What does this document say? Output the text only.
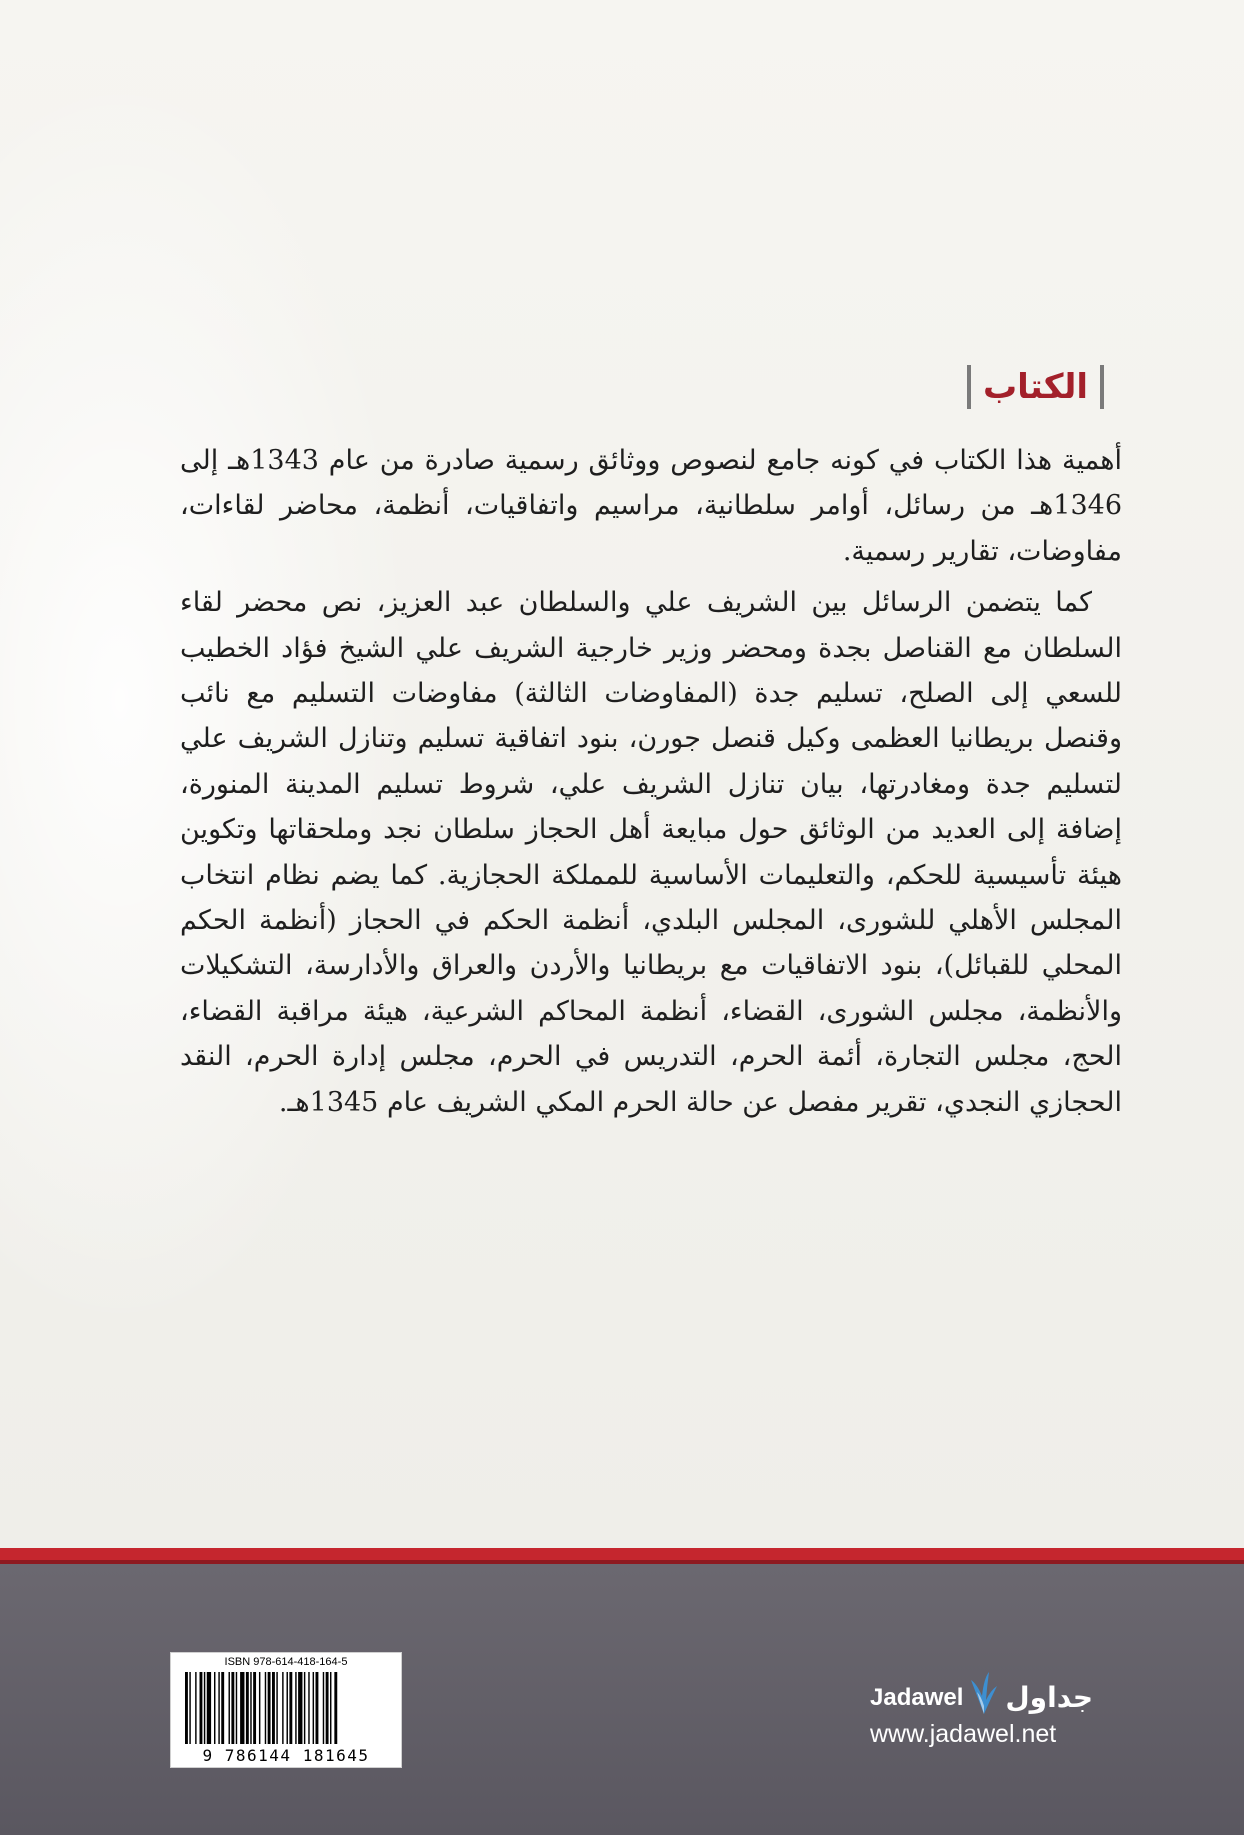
الكتاب

أهمية هذا الكتاب في كونه جامع لنصوص ووثائق رسمية صادرة من عام 1343هـ إلى 1346هـ من رسائل، أوامر سلطانية، مراسيم واتفاقيات، أنظمة، محاضر لقاءات، مفاوضات، تقارير رسمية.

كما يتضمن الرسائل بين الشريف علي والسلطان عبد العزيز، نص محضر لقاء السلطان مع القناصل بجدة ومحضر وزير خارجية الشريف علي الشيخ فؤاد الخطيب للسعي إلى الصلح، تسليم جدة (المفاوضات الثالثة) مفاوضات التسليم مع نائب وقنصل بريطانيا العظمى وكيل قنصل جورن، بنود اتفاقية تسليم وتنازل الشريف علي لتسليم جدة ومغادرتها، بيان تنازل الشريف علي، شروط تسليم المدينة المنورة، إضافة إلى العديد من الوثائق حول مبايعة أهل الحجاز سلطان نجد وملحقاتها وتكوين هيئة تأسيسية للحكم، والتعليمات الأساسية للمملكة الحجازية. كما يضم نظام انتخاب المجلس الأهلي للشورى، المجلس البلدي، أنظمة الحكم في الحجاز (أنظمة الحكم المحلي للقبائل)، بنود الاتفاقيات مع بريطانيا والأردن والعراق والأدارسة، التشكيلات والأنظمة، مجلس الشورى، القضاء، أنظمة المحاكم الشرعية، هيئة مراقبة القضاء، الحج، مجلس التجارة، أئمة الحرم، التدريس في الحرم، مجلس إدارة الحرم، النقد الحجازي النجدي، تقرير مفصل عن حالة الحرم المكي الشريف عام 1345هـ.

ISBN 978-614-418-164-5
9 786144 181645
Jadawel جداول
www.jadawel.net
